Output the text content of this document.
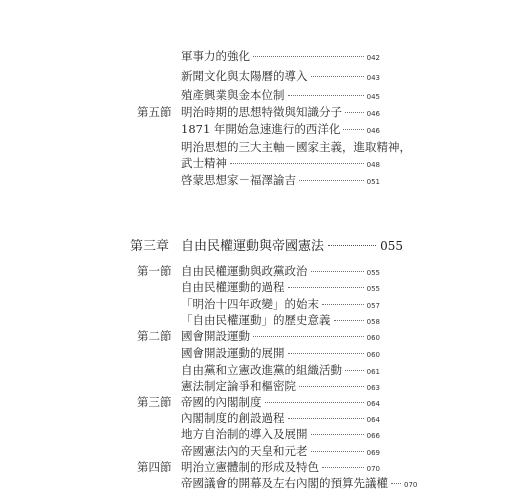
軍事力的強化	042
新聞文化與太陽曆的導入	043
殖產興業與金本位制	045
第五節 明治時期的思想特徵與知識分子	046
1871 年開始急速進行的西洋化	046
明治思想的三大主軸－國家主義，進取精神，
武士精神	048
啓蒙思想家－福澤諭吉	051
第三章 自由民權運動與帝國憲法	055
第一節 自由民權運動與政黨政治	055
自由民權運動的過程	055
「明治十四年政變」的始末	057
「自由民權運動」的歷史意義	058
第二節 國會開設運動	060
國會開設運動的展開	060
自由黨和立憲改進黨的組織活動	061
憲法制定論爭和樞密院	063
第三節 帝國的內閣制度	064
內閣制度的創設過程	064
地方自治制的導入及展開	066
帝國憲法內的天皇和元老	069
第四節 明治立憲體制的形成及特色	070
帝國議會的開幕及左右內閣的預算先議權 070
